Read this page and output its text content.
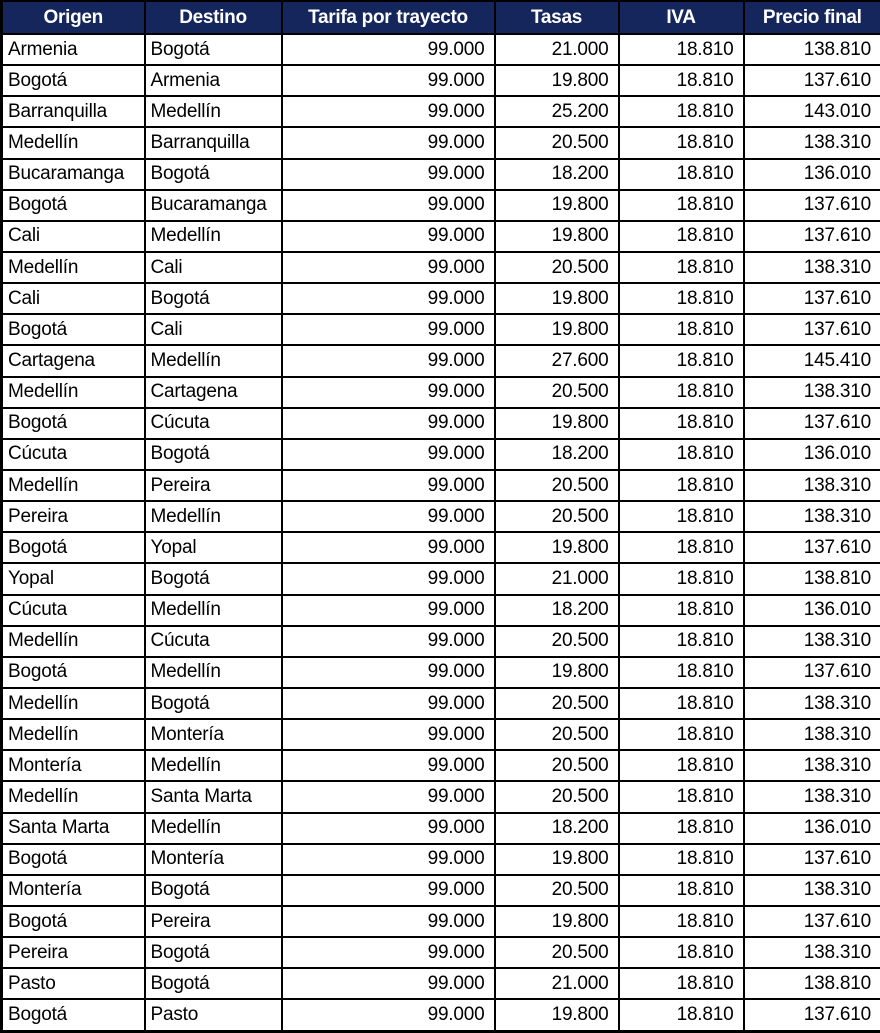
Origen	Destino	Tarifa por trayecto	Tasas	IVA	Precio final
Armenia	Bogotá	99.000	21.000	18.810	138.810
Bogotá	Armenia	99.000	19.800	18.810	137.610
Barranquilla	Medellín	99.000	25.200	18.810	143.010
Medellín	Barranquilla	99.000	20.500	18.810	138.310
Bucaramanga	Bogotá	99.000	18.200	18.810	136.010
Bogotá	Bucaramanga	99.000	19.800	18.810	137.610
Cali	Medellín	99.000	19.800	18.810	137.610
Medellín	Cali	99.000	20.500	18.810	138.310
Cali	Bogotá	99.000	19.800	18.810	137.610
Bogotá	Cali	99.000	19.800	18.810	137.610
Cartagena	Medellín	99.000	27.600	18.810	145.410
Medellín	Cartagena	99.000	20.500	18.810	138.310
Bogotá	Cúcuta	99.000	19.800	18.810	137.610
Cúcuta	Bogotá	99.000	18.200	18.810	136.010
Medellín	Pereira	99.000	20.500	18.810	138.310
Pereira	Medellín	99.000	20.500	18.810	138.310
Bogotá	Yopal	99.000	19.800	18.810	137.610
Yopal	Bogotá	99.000	21.000	18.810	138.810
Cúcuta	Medellín	99.000	18.200	18.810	136.010
Medellín	Cúcuta	99.000	20.500	18.810	138.310
Bogotá	Medellín	99.000	19.800	18.810	137.610
Medellín	Bogotá	99.000	20.500	18.810	138.310
Medellín	Montería	99.000	20.500	18.810	138.310
Montería	Medellín	99.000	20.500	18.810	138.310
Medellín	Santa Marta	99.000	20.500	18.810	138.310
Santa Marta	Medellín	99.000	18.200	18.810	136.010
Bogotá	Montería	99.000	19.800	18.810	137.610
Montería	Bogotá	99.000	20.500	18.810	138.310
Bogotá	Pereira	99.000	19.800	18.810	137.610
Pereira	Bogotá	99.000	20.500	18.810	138.310
Pasto	Bogotá	99.000	21.000	18.810	138.810
Bogotá	Pasto	99.000	19.800	18.810	137.610
